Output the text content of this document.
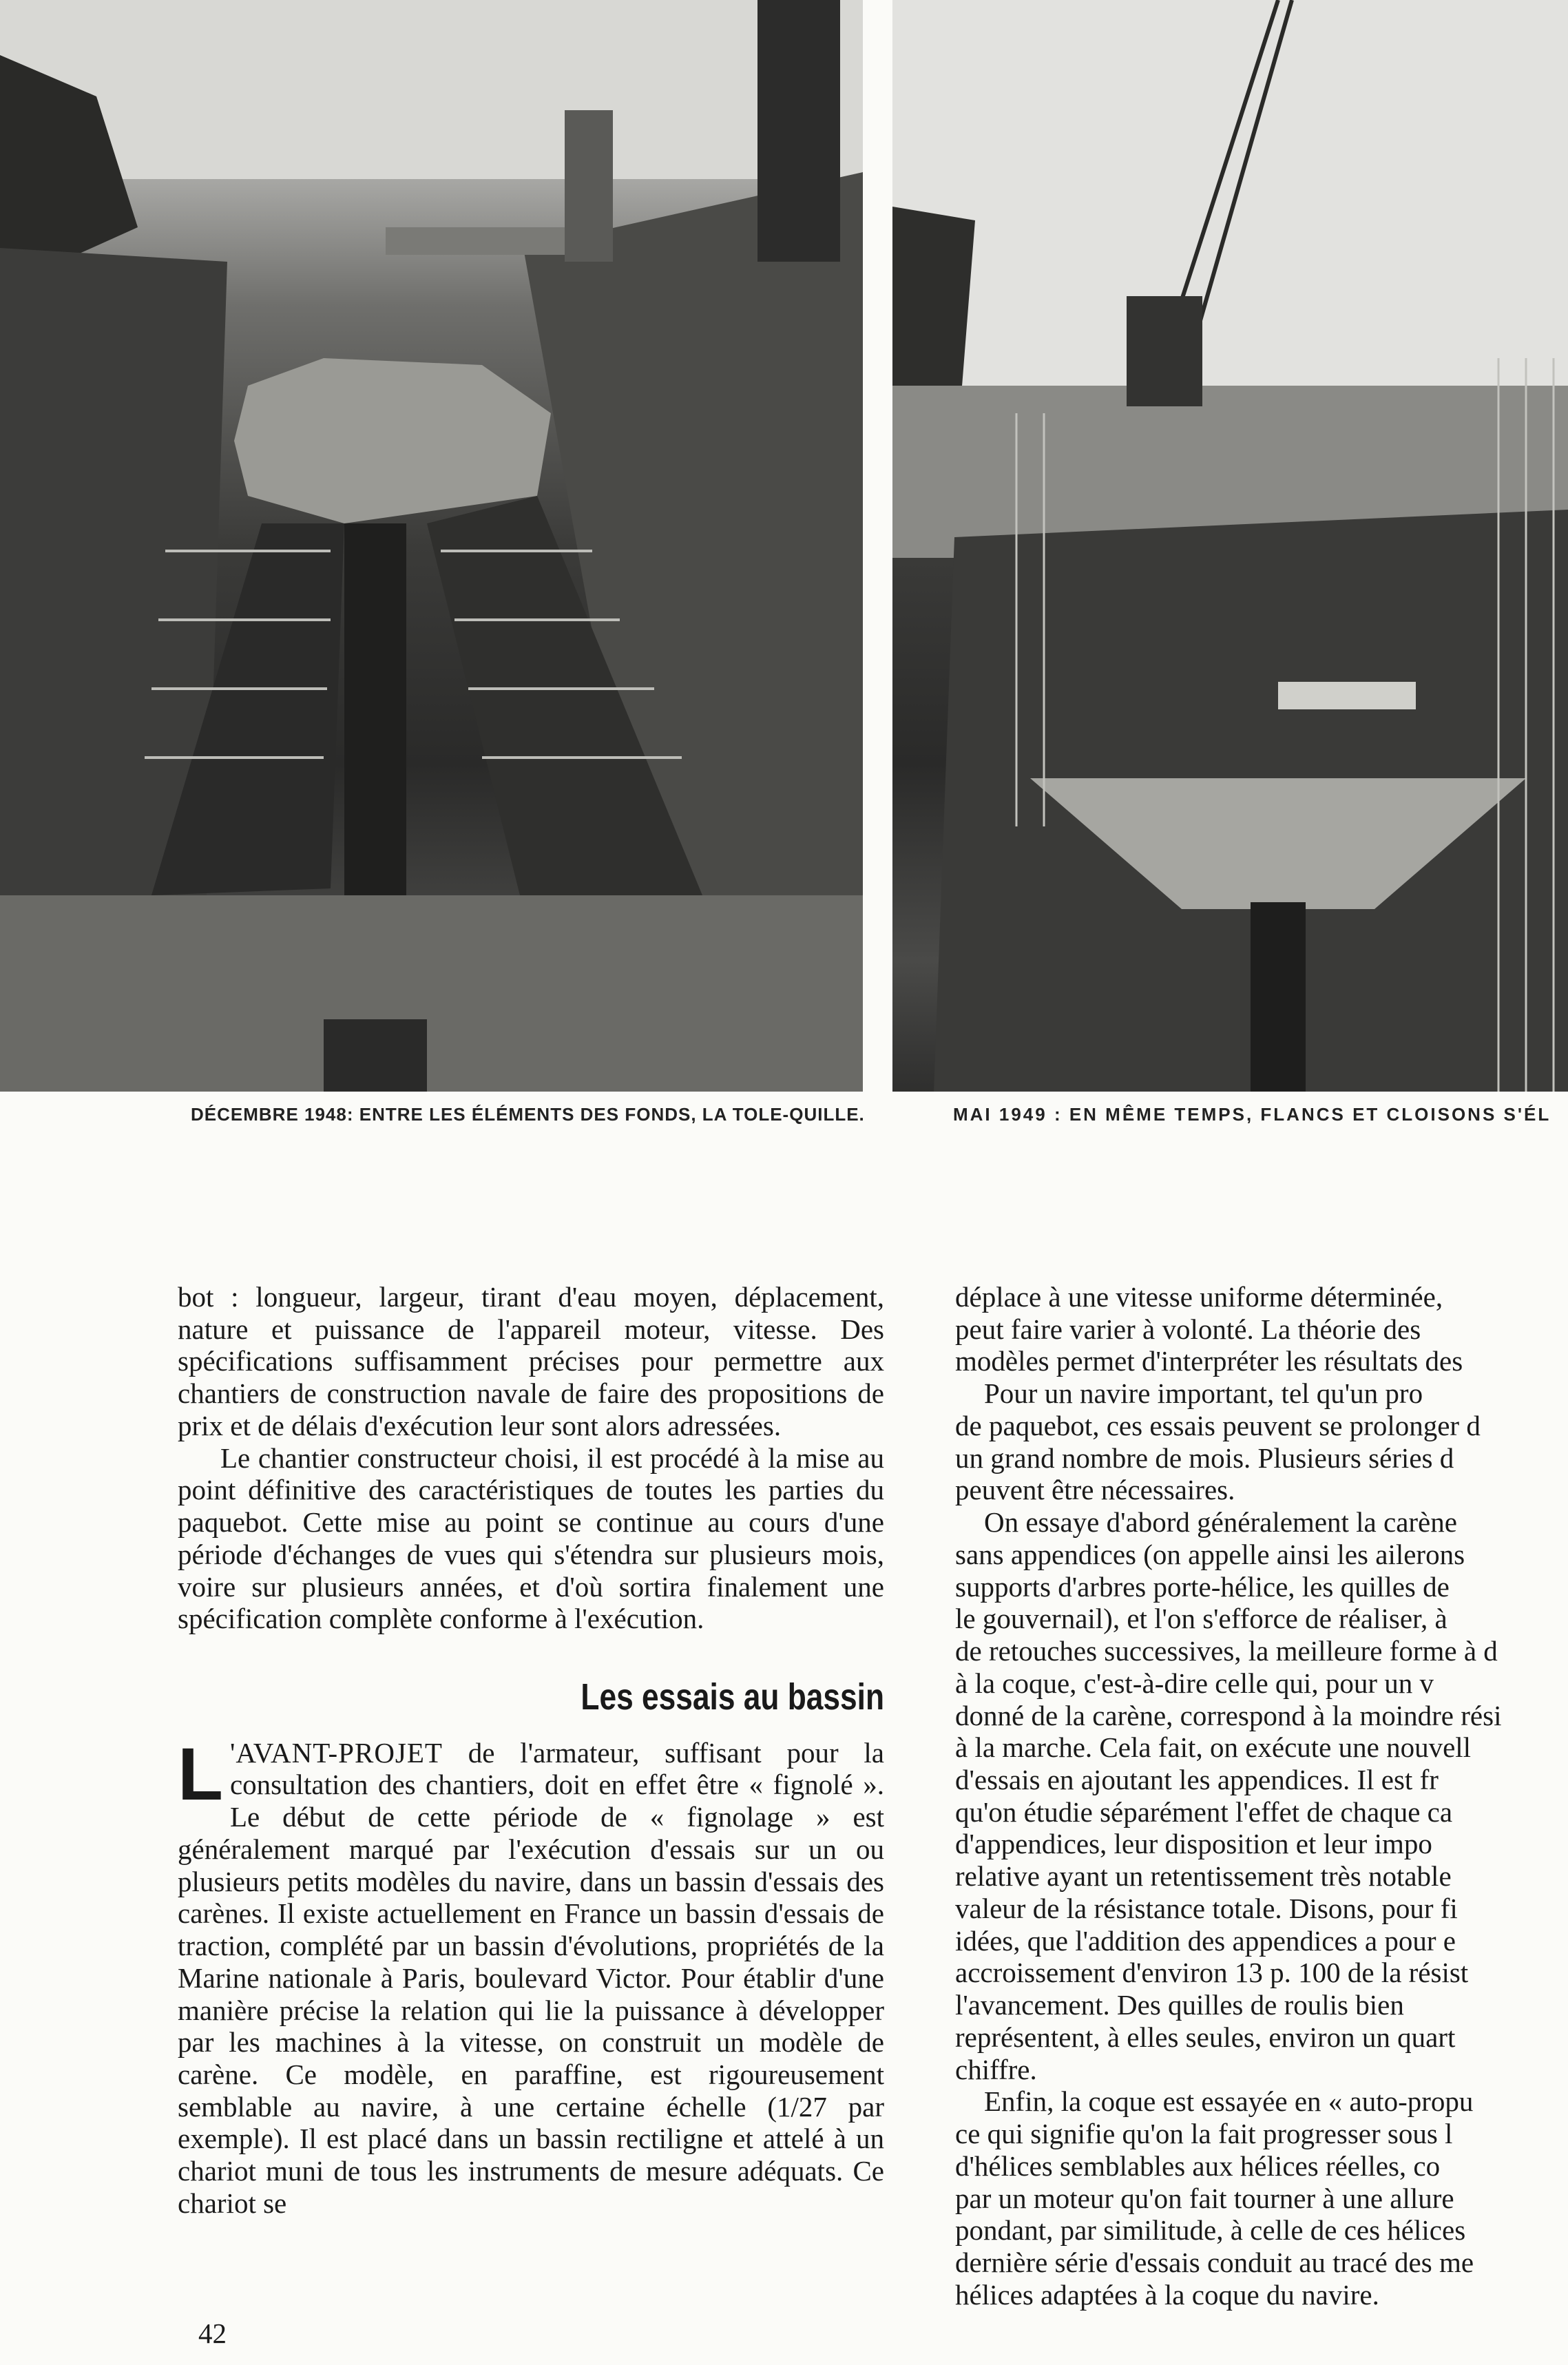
DÉCEMBRE 1948: ENTRE LES ÉLÉMENTS DES FONDS, LA TOLE-QUILLE.	MAI 1949 : EN MÊME TEMPS, FLANCS ET CLOISONS S'ÉL

bot : longueur, largeur, tirant d'eau moyen, déplacement, nature et puissance de l'appareil moteur, vitesse. Des spécifications suffisamment précises pour permettre aux chantiers de construction navale de faire des propositions de prix et de délais d'exécution leur sont alors adressées.

Le chantier constructeur choisi, il est procédé à la mise au point définitive des caractéristiques de toutes les parties du paquebot. Cette mise au point se continue au cours d'une période d'échanges de vues qui s'étendra sur plusieurs mois, voire sur plusieurs années, et d'où sortira finalement une spécification complète conforme à l'exécution.

Les essais au bassin

L 'AVANT-PROJET de l'armateur, suffisant pour la consultation des chantiers, doit en effet être « fignolé ». Le début de cette période de « fignolage » est généralement marqué par l'exécution d'essais sur un ou plusieurs petits modèles du navire, dans un bassin d'essais des carènes. Il existe actuellement en France un bassin d'essais de traction, complété par un bassin d'évolutions, propriétés de la Marine nationale à Paris, boulevard Victor. Pour établir d'une manière précise la relation qui lie la puissance à développer par les machines à la vitesse, on construit un modèle de carène. Ce modèle, en paraffine, est rigoureusement semblable au navire, à une certaine échelle (1/27 par exemple). Il est placé dans un bassin rectiligne et attelé à un chariot muni de tous les instruments de mesure adéquats. Ce chariot se

déplace à une vitesse uniforme déterminée,

peut faire varier à volonté. La théorie des

modèles permet d'interpréter les résultats des

Pour un navire important, tel qu'un pro

de paquebot, ces essais peuvent se prolonger d

un grand nombre de mois. Plusieurs séries d

peuvent être nécessaires.

On essaye d'abord généralement la carène

sans appendices (on appelle ainsi les ailerons

supports d'arbres porte-hélice, les quilles de

le gouvernail), et l'on s'efforce de réaliser, à

de retouches successives, la meilleure forme à d

à la coque, c'est-à-dire celle qui, pour un v

donné de la carène, correspond à la moindre rési

à la marche. Cela fait, on exécute une nouvell

d'essais en ajoutant les appendices. Il est fr

qu'on étudie séparément l'effet de chaque ca

d'appendices, leur disposition et leur impo

relative ayant un retentissement très notable

valeur de la résistance totale. Disons, pour fi

idées, que l'addition des appendices a pour e

accroissement d'environ 13 p. 100 de la résist

l'avancement. Des quilles de roulis bien

représentent, à elles seules, environ un quart

chiffre.

Enfin, la coque est essayée en « auto-propu

ce qui signifie qu'on la fait progresser sous l

d'hélices semblables aux hélices réelles, co

par un moteur qu'on fait tourner à une allure

pondant, par similitude, à celle de ces hélices

dernière série d'essais conduit au tracé des me

hélices adaptées à la coque du navire.

42
